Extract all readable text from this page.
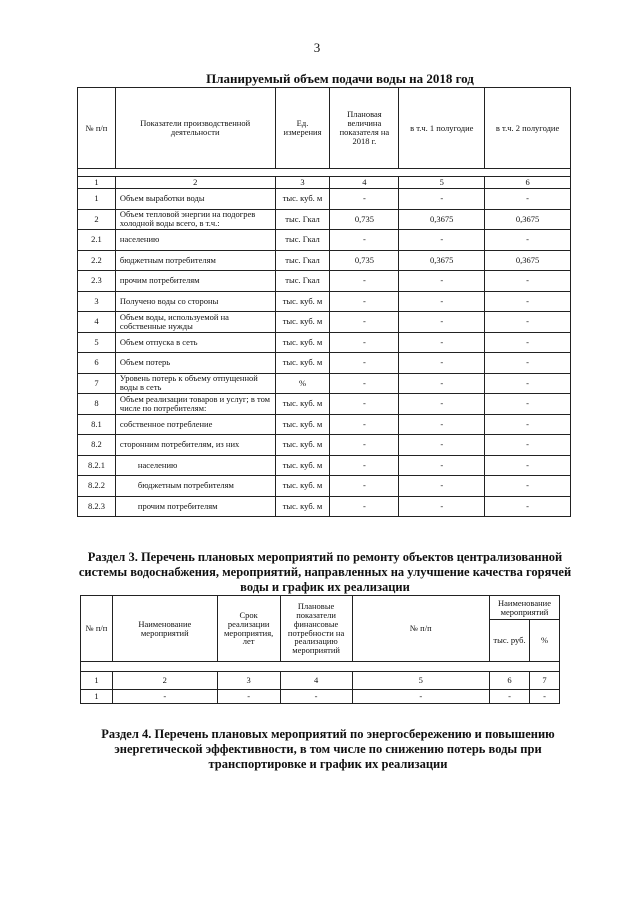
3
Планируемый объем подачи воды на 2018 год
№ п/п	Показатели производственной деятельности	Ед. измерения	Плановая величина показателя на 2018 г.	в т.ч. 1 полугодие	в т.ч. 2 полугодие

1	2	3	4	5	6
1	Объем выработки воды	тыс. куб. м	-	-	-
2	Объем тепловой энергии на подогрев холодной воды всего, в т.ч.:	тыс. Гкал	0,735	0,3675	0,3675
2.1	населению	тыс. Гкал	-	-	-
2.2	бюджетным потребителям	тыс. Гкал	0,735	0,3675	0,3675
2.3	прочим потребителям	тыс. Гкал	-	-	-
3	Получено воды со стороны	тыс. куб. м	-	-	-
4	Объем воды, используемой на собственные нужды	тыс. куб. м	-	-	-
5	Объем отпуска в сеть	тыс. куб. м	-	-	-
6	Объем потерь	тыс. куб. м	-	-	-
7	Уровень потерь к объему отпущенной воды в сеть	%	-	-	-
8	Объем реализации товаров и услуг; в том числе по потребителям:	тыс. куб. м	-	-	-
8.1	собственное потребление	тыс. куб. м	-	-	-
8.2	сторонним потребителям, из них	тыс. куб. м	-	-	-
8.2.1	населению	тыс. куб. м	-	-	-
8.2.2	бюджетным потребителям	тыс. куб. м	-	-	-
8.2.3	прочим потребителям	тыс. куб. м	-	-	-
Раздел 3. Перечень плановых мероприятий по ремонту объектов централизованной системы водоснабжения, мероприятий, направленных на улучшение качества горячей воды и график их реализации
№ п/п	Наименование мероприятий	Срок реализации мероприятия, лет	Плановые показатели финансовые потребности на реализацию мероприятий	№ п/п	Наименование мероприятий	
					тыс. руб.	%

1	2	3	4	5	6	7
1	-	-	-	-	-	-
Раздел 4. Перечень плановых мероприятий по энергосбережению и повышению энергетической эффективности, в том числе по снижению потерь воды при транспортировке и график их реализации
